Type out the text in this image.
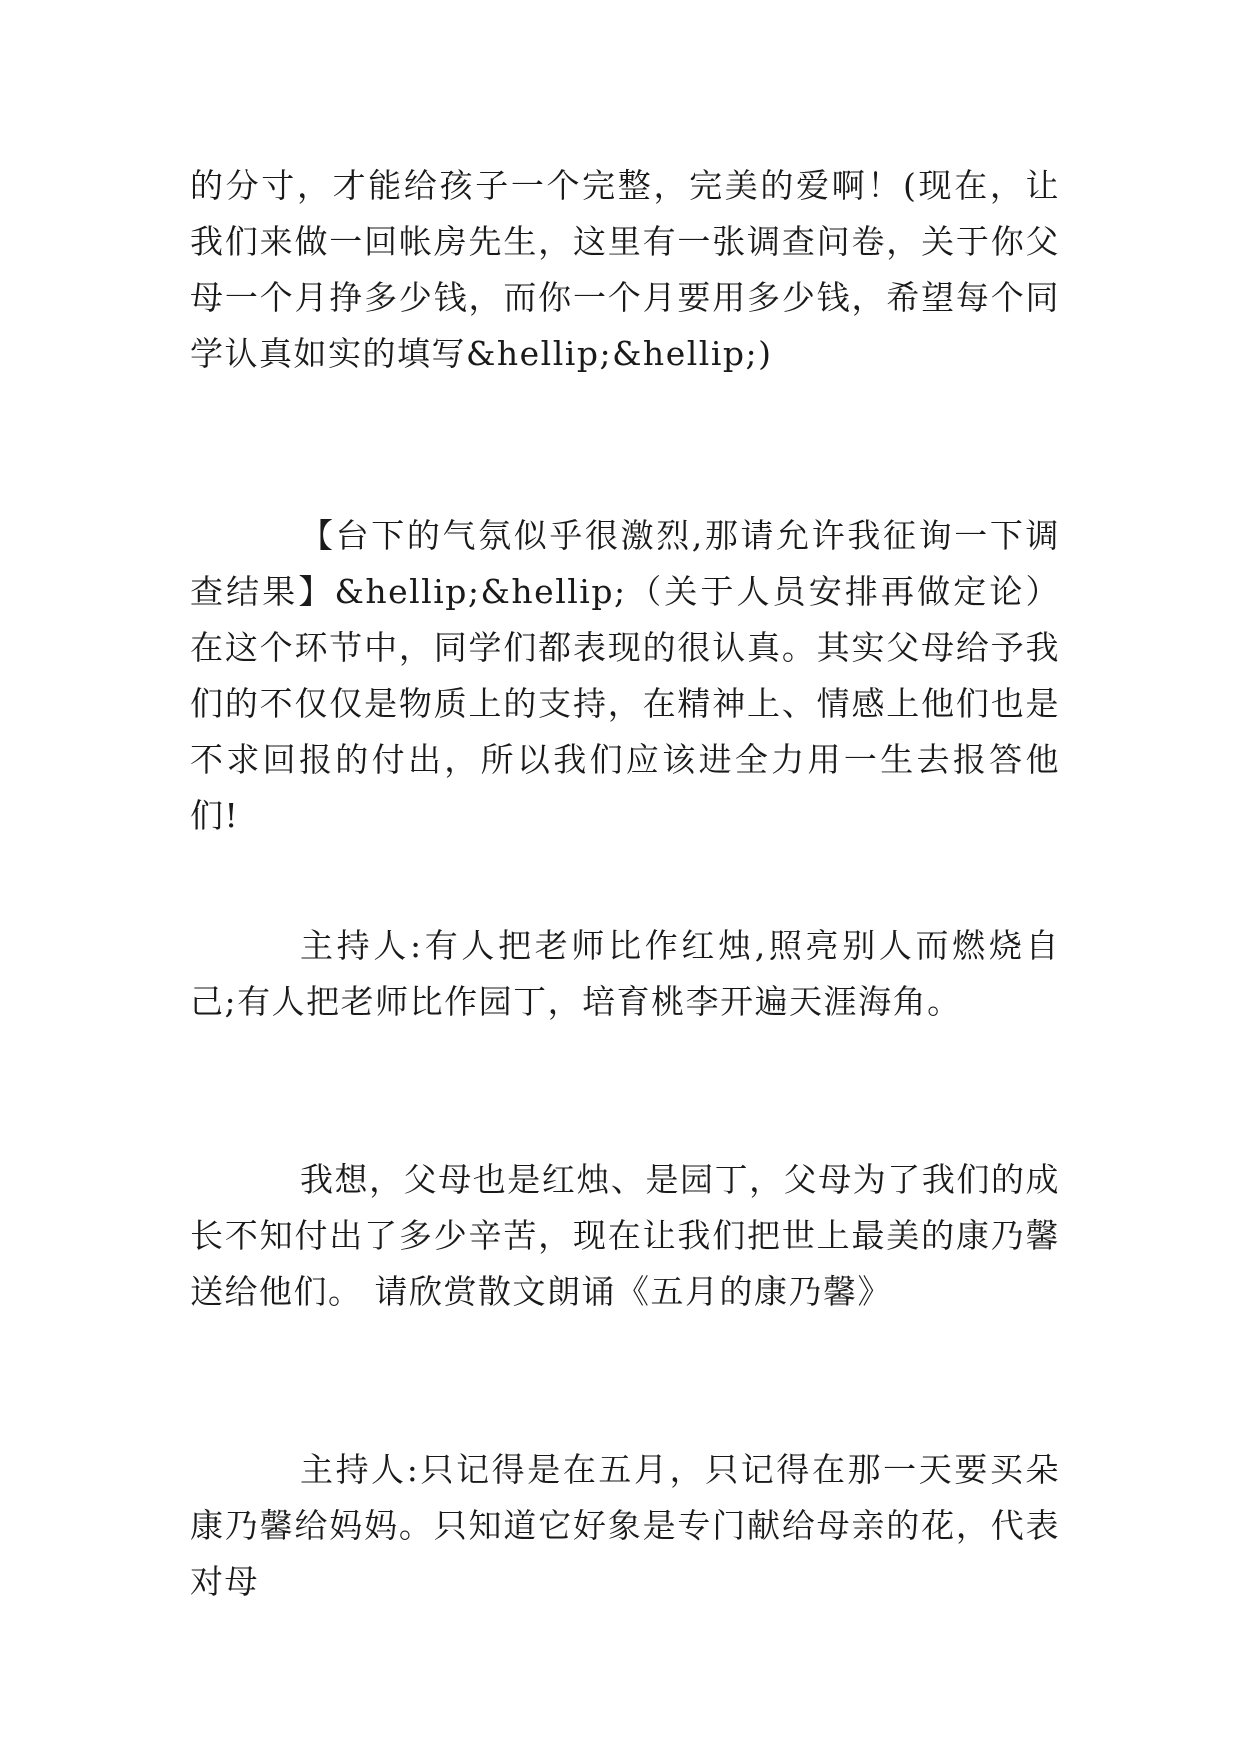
的分寸，才能给孩子一个完整，完美的爱啊！(现在，让我们来做一回帐房先生，这里有一张调查问卷，关于你父母一个月挣多少钱，而你一个月要用多少钱，希望每个同学认真如实的填写&hellip;&hellip;)

【台下的气氛似乎很激烈,那请允许我征询一下调查结果】&hellip;&hellip;（关于人员安排再做定论） 在这个环节中，同学们都表现的很认真。其实父母给予我们的不仅仅是物质上的支持，在精神上、情感上他们也是不求回报的付出，所以我们应该进全力用一生去报答他们!

主持人:有人把老师比作红烛,照亮别人而燃烧自己;有人把老师比作园丁，培育桃李开遍天涯海角。

我想，父母也是红烛、是园丁，父母为了我们的成长不知付出了多少辛苦，现在让我们把世上最美的康乃馨送给他们。 请欣赏散文朗诵《五月的康乃馨》

主持人:只记得是在五月，只记得在那一天要买朵康乃馨给妈妈。只知道它好象是专门献给母亲的花，代表对母
